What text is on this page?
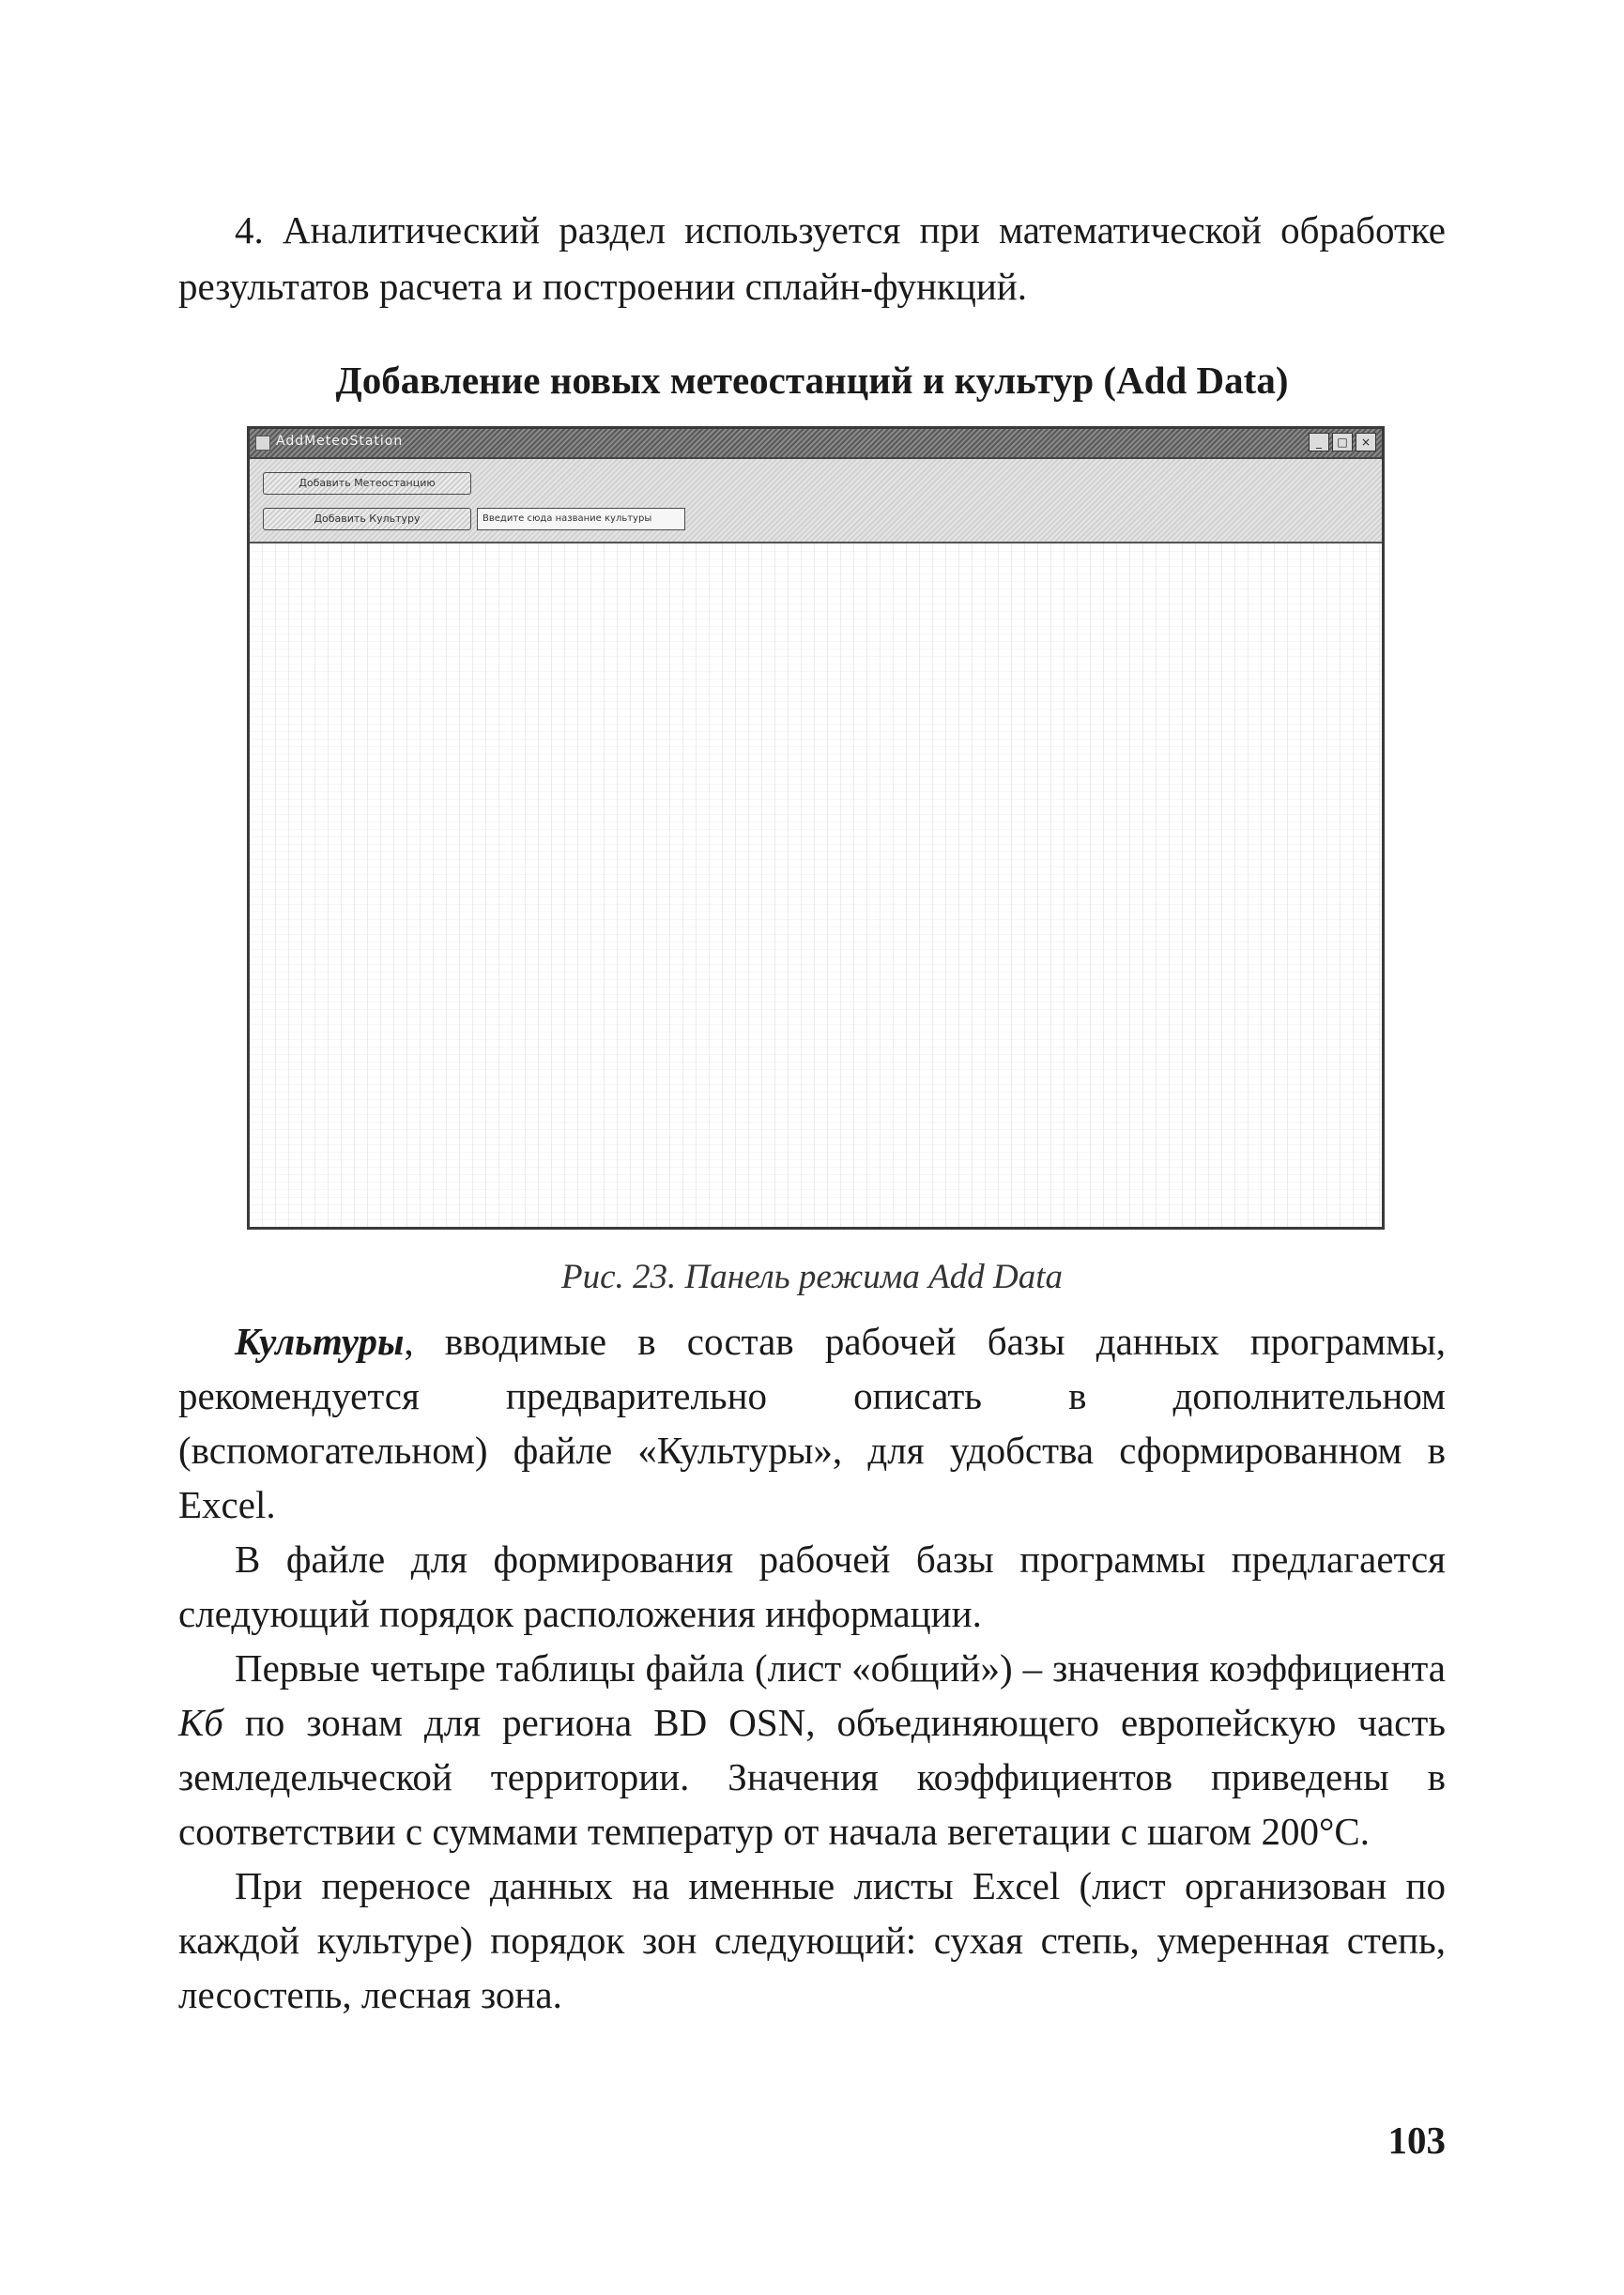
4. Аналитический раздел используется при математической обработке результатов расчета и построении сплайн-функций.

Добавление новых метеостанций и культур (Add Data)
AddMeteoStation	_	□	×
Добавить Метеостанцию
Добавить Культуру	Введите сюда название культуры

Рис. 23. Панель режима Add Data

Культуры, вводимые в состав рабочей базы данных программы, рекомендуется предварительно описать в дополнительном (вспомогательном) файле «Культуры», для удобства сформированном в Excel.

В файле для формирования рабочей базы программы предлагается следующий порядок расположения информации.

Первые четыре таблицы файла (лист «общий») – значения коэффициента Кб по зонам для региона BD OSN, объединяющего европейскую часть земледельческой территории. Значения коэффициентов приведены в соответствии с суммами температур от начала вегетации с шагом 200°C.

При переносе данных на именные листы Excel (лист организован по каждой культуре) порядок зон следующий: сухая степь, умеренная степь, лесостепь, лесная зона.

103
